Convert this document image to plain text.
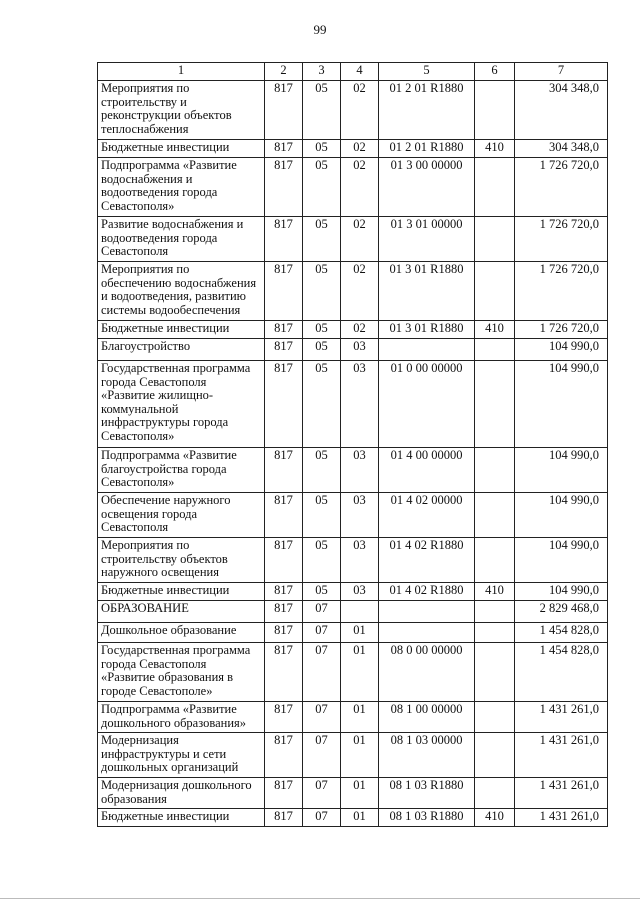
99
1	2	3	4	5	6	7
Мероприятия по строительству и реконструкции объектов теплоснабжения	817	05	02	01 2 01 R1880		304 348,0
Бюджетные инвестиции	817	05	02	01 2 01 R1880	410	304 348,0
Подпрограмма «Развитие водоснабжения и водоотведения города Севастополя»	817	05	02	01 3 00 00000		1 726 720,0
Развитие водоснабжения и водоотведения города Севастополя	817	05	02	01 3 01 00000		1 726 720,0
Мероприятия по обеспечению водоснабжения и водоотведения, развитию системы водообеспечения	817	05	02	01 3 01 R1880		1 726 720,0
Бюджетные инвестиции	817	05	02	01 3 01 R1880	410	1 726 720,0
Благоустройство	817	05	03			104 990,0
Государственная программа города Севастополя «Развитие жилищно-коммунальной инфраструктуры города Севастополя»	817	05	03	01 0 00 00000		104 990,0
Подпрограмма «Развитие благоустройства города Севастополя»	817	05	03	01 4 00 00000		104 990,0
Обеспечение наружного освещения города Севастополя	817	05	03	01 4 02 00000		104 990,0
Мероприятия по строительству объектов наружного освещения	817	05	03	01 4 02 R1880		104 990,0
Бюджетные инвестиции	817	05	03	01 4 02 R1880	410	104 990,0
ОБРАЗОВАНИЕ	817	07				2 829 468,0
Дошкольное образование	817	07	01			1 454 828,0
Государственная программа города Севастополя «Развитие образования в городе Севастополе»	817	07	01	08 0 00 00000		1 454 828,0
Подпрограмма «Развитие дошкольного образования»	817	07	01	08 1 00 00000		1 431 261,0
Модернизация инфраструктуры и сети дошкольных организаций	817	07	01	08 1 03 00000		1 431 261,0
Модернизация дошкольного образования	817	07	01	08 1 03 R1880		1 431 261,0
Бюджетные инвестиции	817	07	01	08 1 03 R1880	410	1 431 261,0
